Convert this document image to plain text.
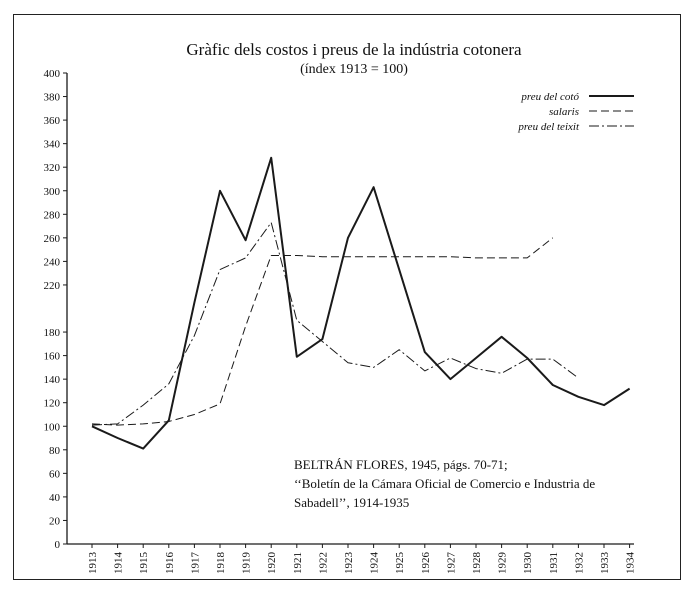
Gràfic dels costos i preus de la indústria cotonera
(índex 1913 = 100)
0
20
40
60
80
100
120
140
160
180
220
240
260
280
300
320
340
360
380
400
1913 1914 1915 1916 1917 1918 1919 1920 1921 1922 1923 1924 1925 1926 1927 1928 1929 1930 1931 1932 1933 1934
preu del cotó
salaris
preu del teixit
BELTRÁN FLORES, 1945, págs. 70-71;
‘‘Boletín de la Cámara Oficial de Comercio e Industria de
Sabadell’’, 1914-1935
